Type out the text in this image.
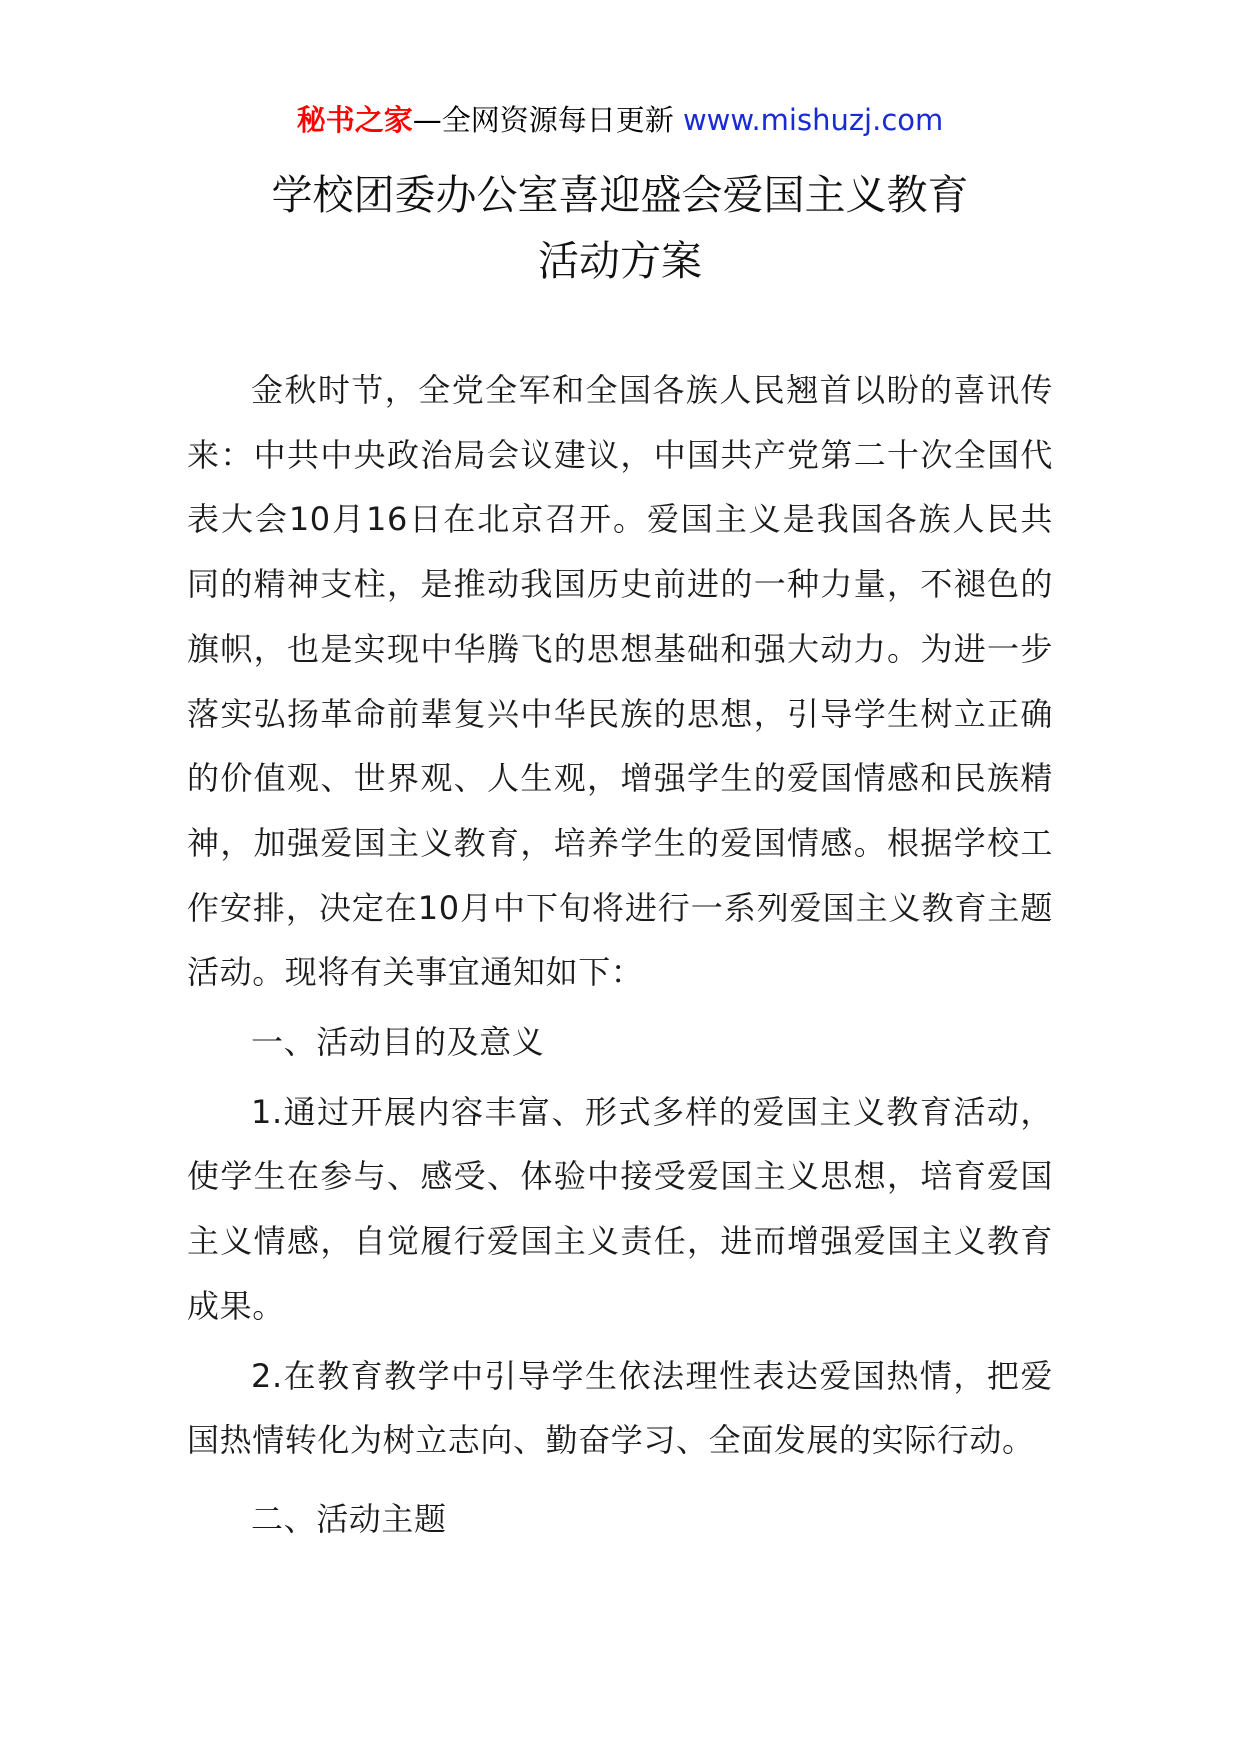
秘书之家—全网资源每日更新 www.mishuzj.com
学校团委办公室喜迎盛会爱国主义教育
活动方案

金秋时节，全党全军和全国各族人民翘首以盼的喜讯传来：中共中央政治局会议建议，中国共产党第二十次全国代表大会10月16日在北京召开。爱国主义是我国各族人民共同的精神支柱，是推动我国历史前进的一种力量，不褪色的旗帜，也是实现中华腾飞的思想基础和强大动力。为进一步落实弘扬革命前辈复兴中华民族的思想，引导学生树立正确的价值观、世界观、人生观，增强学生的爱国情感和民族精神，加强爱国主义教育，培养学生的爱国情感。根据学校工作安排，决定在10月中下旬将进行一系列爱国主义教育主题活动。现将有关事宜通知如下：

一、活动目的及意义

1.通过开展内容丰富、形式多样的爱国主义教育活动，使学生在参与、感受、体验中接受爱国主义思想，培育爱国主义情感，自觉履行爱国主义责任，进而增强爱国主义教育成果。

2.在教育教学中引导学生依法理性表达爱国热情，把爱国热情转化为树立志向、勤奋学习、全面发展的实际行动。

二、活动主题
